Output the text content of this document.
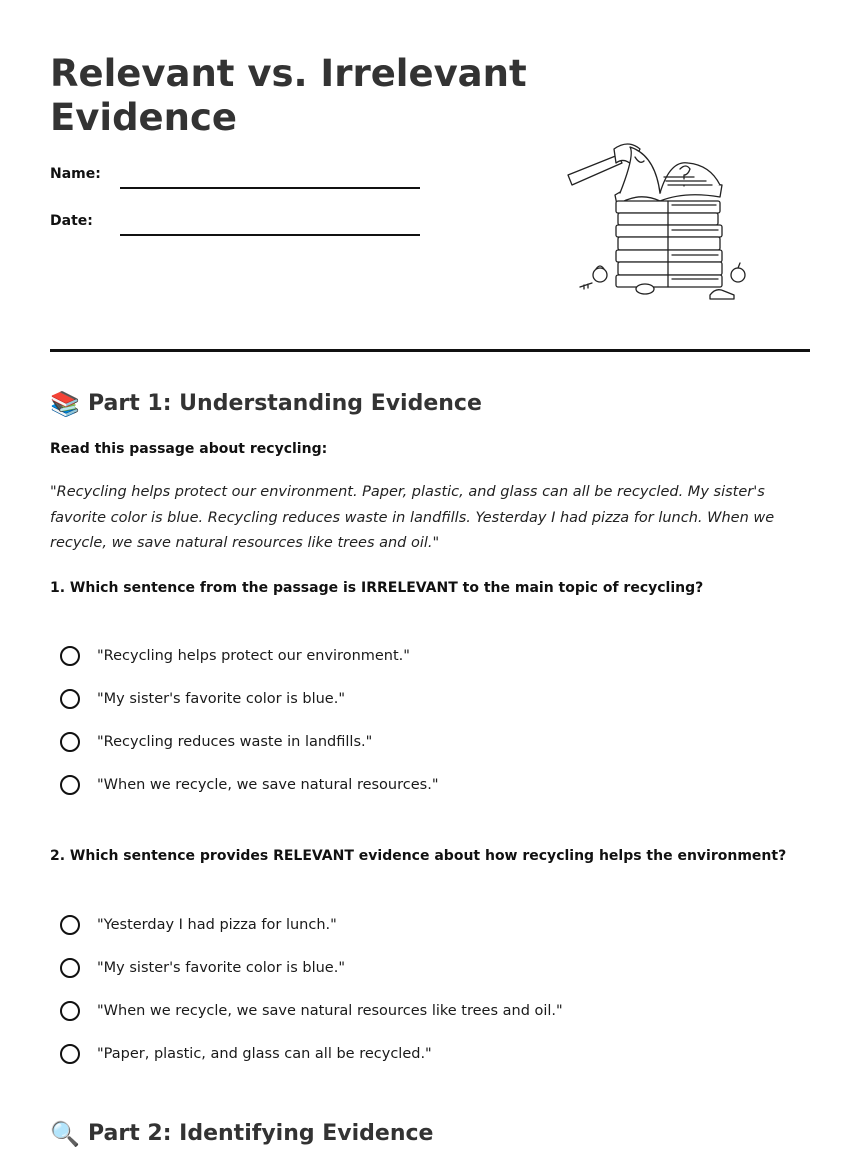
Relevant vs. Irrelevant Evidence
Name:
Date:
📚 Part 1: Understanding Evidence
Read this passage about recycling:

"Recycling helps protect our environment. Paper, plastic, and glass can all be recycled. My sister's favorite color is blue. Recycling reduces waste in landfills. Yesterday I had pizza for lunch. When we recycle, we save natural resources like trees and oil."

1. Which sentence from the passage is IRRELEVANT to the main topic of recycling?

"Recycling helps protect our environment."
"My sister's favorite color is blue."
"Recycling reduces waste in landfills."
"When we recycle, we save natural resources."

2. Which sentence provides RELEVANT evidence about how recycling helps the environment?

"Yesterday I had pizza for lunch."
"My sister's favorite color is blue."
"When we recycle, we save natural resources like trees and oil."
"Paper, plastic, and glass can all be recycled."
🔍 Part 2: Identifying Evidence
